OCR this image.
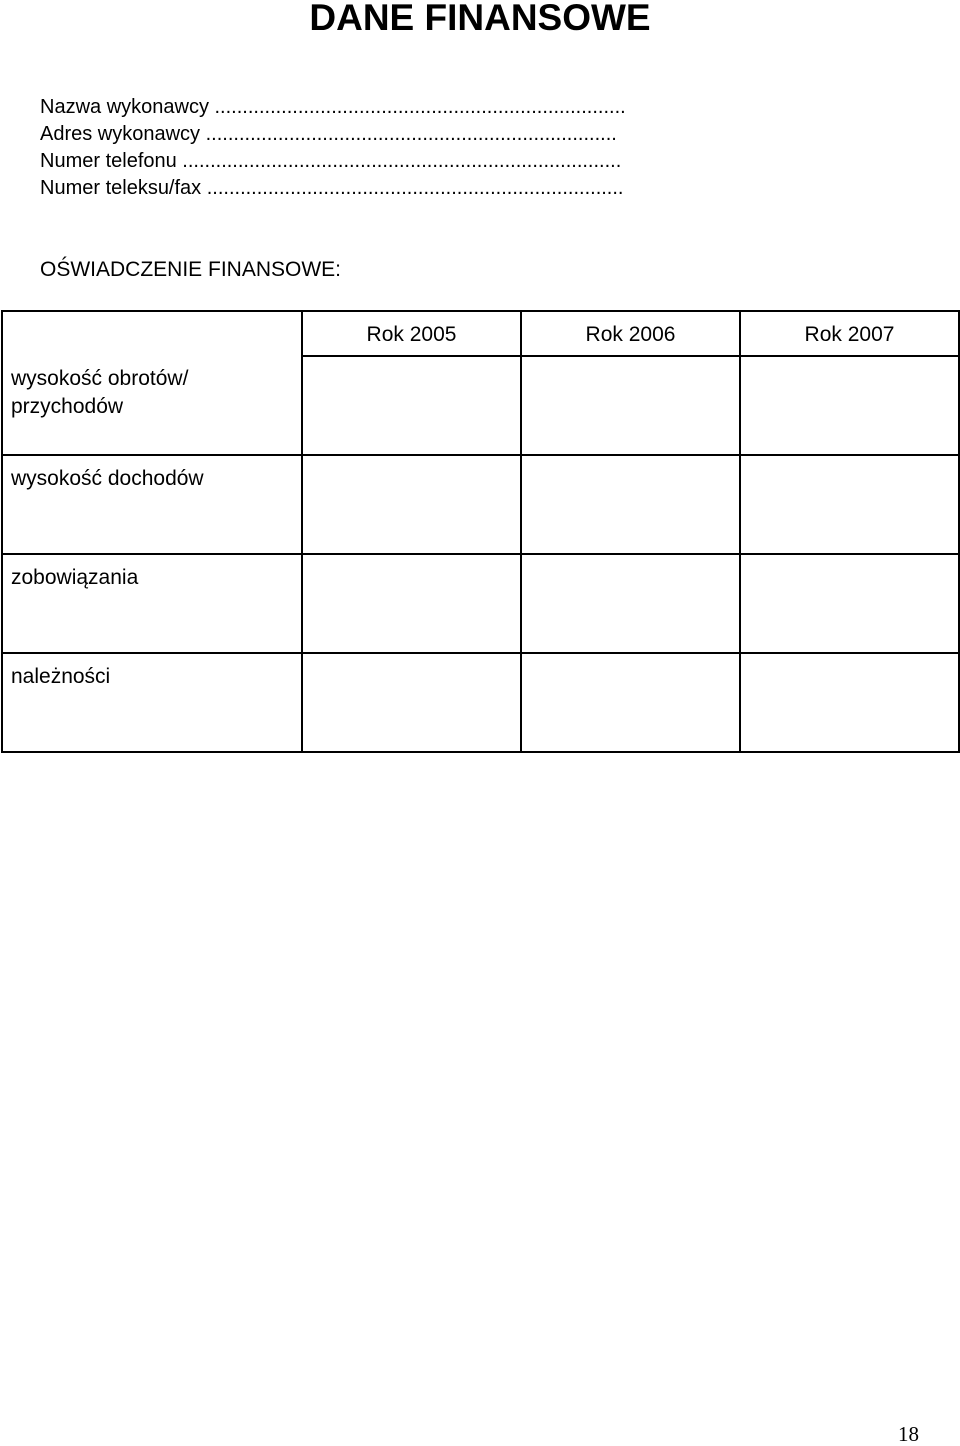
DANE FINANSOWE
Nazwa wykonawcy ..........................................................................
Adres wykonawcy ..........................................................................
Numer telefonu ...............................................................................
Numer teleksu/fax ...........................................................................
OŚWIADCZENIE FINANSOWE:
	Rok 2005	Rok 2006	Rok 2007
wysokość obrotów/ przychodów			
wysokość dochodów			
zobowiązania			
należności			
18
